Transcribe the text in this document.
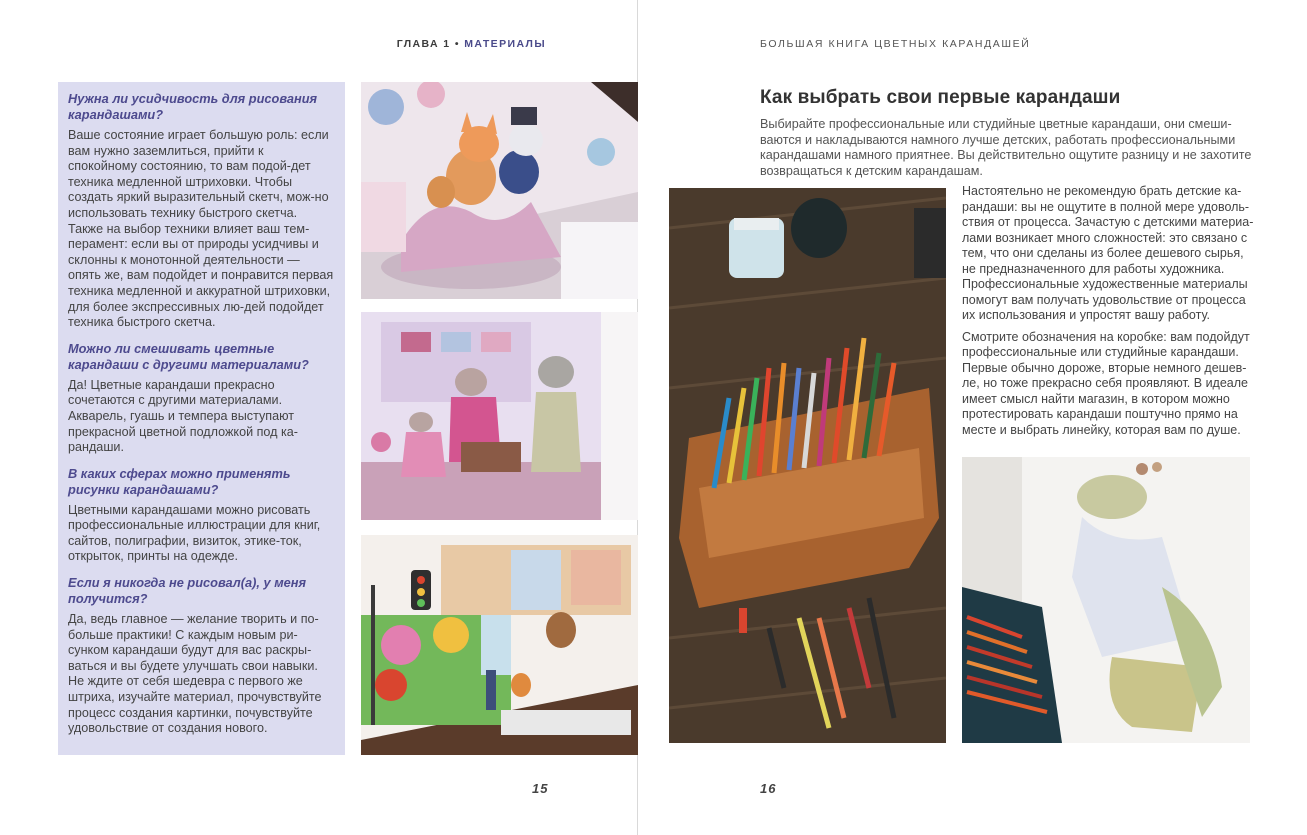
ГЛАВА 1 • МАТЕРИАЛЫ
Нужна ли усидчивость для рисования карандашами?
Ваше состояние играет большую роль: если вам нужно заземлиться, прийти к спокойному состоянию, то вам подой-дет техника медленной штриховки. Чтобы создать яркий выразительный скетч, мож-но использовать технику быстрого скетча. Также на выбор техники влияет ваш тем-перамент: если вы от природы усидчивы и склонны к монотонной деятельности — опять же, вам подойдет и понравится первая техника медленной и аккуратной штриховки, для более экспрессивных лю-дей подойдет техника быстрого скетча.
Можно ли смешивать цветные карандаши с другими материалами?
Да! Цветные карандаши прекрасно сочетаются с другими материалами. Акварель, гуашь и темпера выступают прекрасной цветной подложкой под ка-рандаши.
В каких сферах можно применять рисунки карандашами?
Цветными карандашами можно рисовать профессиональные иллюстрации для книг, сайтов, полиграфии, визиток, этике-ток, открыток, принты на одежде.
Если я никогда не рисовал(а), у меня получится?
Да, ведь главное — желание творить и по-больше практики! С каждым новым ри-сунком карандаши будут для вас раскры-ваться и вы будете улучшать свои навыки. Не ждите от себя шедевра с первого же штриха, изучайте материал, прочувствуйте процесс создания картинки, почувствуйте удовольствие от создания нового.
15
БОЛЬШАЯ КНИГА ЦВЕТНЫХ КАРАНДАШЕЙ
Как выбрать свои первые карандаши

Выбирайте профессиональные или студийные цветные карандаши, они смеши-ваются и накладываются намного лучше детских, работать профессиональными карандашами намного приятнее. Вы действительно ощутите разницу и не захотите возвращаться к детским карандашам.

Настоятельно не рекомендую брать детские ка-рандаши: вы не ощутите в полной мере удоволь-ствия от процесса. Зачастую с детскими материа-лами возникает много сложностей: это связано с тем, что они сделаны из более дешевого сырья, не предназначенного для работы художника. Профессиональные художественные материалы помогут вам получать удовольствие от процесса их использования и упростят вашу работу.

Смотрите обозначения на коробке: вам подойдут профессиональные или студийные карандаши. Первые обычно дороже, вторые немного дешев-ле, но тоже прекрасно себя проявляют. В идеале имеет смысл найти магазин, в котором можно протестировать карандаши поштучно прямо на месте и выбрать линейку, которая вам по душе.

16
